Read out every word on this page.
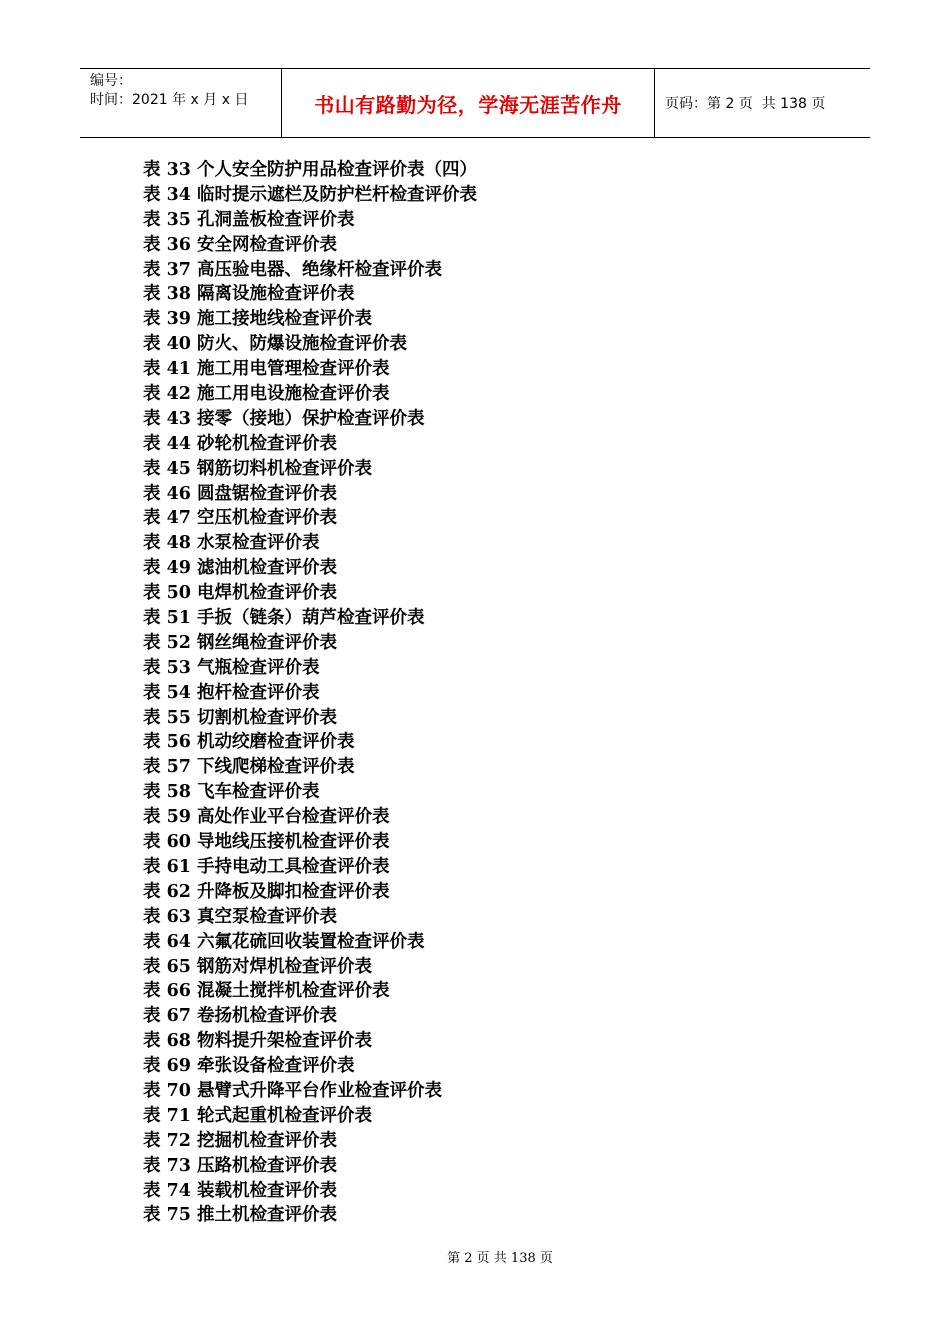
编号：
时间：2021 年 x 月 x 日	书山有路勤为径，学海无涯苦作舟	页码：第 2 页  共 138 页
表 33 个人安全防护用品检查评价表（四）
表 34 临时提示遮栏及防护栏杆检查评价表
表 35 孔洞盖板检查评价表
表 36 安全网检查评价表
表 37 高压验电器、绝缘杆检查评价表
表 38 隔离设施检查评价表
表 39 施工接地线检查评价表
表 40 防火、防爆设施检查评价表
表 41 施工用电管理检查评价表
表 42 施工用电设施检查评价表
表 43 接零（接地）保护检查评价表
表 44 砂轮机检查评价表
表 45 钢筋切料机检查评价表
表 46 圆盘锯检查评价表
表 47 空压机检查评价表
表 48 水泵检查评价表
表 49 滤油机检查评价表
表 50 电焊机检查评价表
表 51 手扳（链条）葫芦检查评价表
表 52 钢丝绳检查评价表
表 53 气瓶检查评价表
表 54 抱杆检查评价表
表 55 切割机检查评价表
表 56 机动绞磨检查评价表
表 57 下线爬梯检查评价表
表 58 飞车检查评价表
表 59 高处作业平台检查评价表
表 60 导地线压接机检查评价表
表 61 手持电动工具检查评价表
表 62 升降板及脚扣检查评价表
表 63 真空泵检查评价表
表 64 六氟花硫回收装置检查评价表
表 65 钢筋对焊机检查评价表
表 66 混凝土搅拌机检查评价表
表 67 卷扬机检查评价表
表 68 物料提升架检查评价表
表 69 牵张设备检查评价表
表 70 悬臂式升降平台作业检查评价表
表 71 轮式起重机检查评价表
表 72 挖掘机检查评价表
表 73 压路机检查评价表
表 74 装载机检查评价表
表 75 推土机检查评价表
第 2 页 共 138 页
